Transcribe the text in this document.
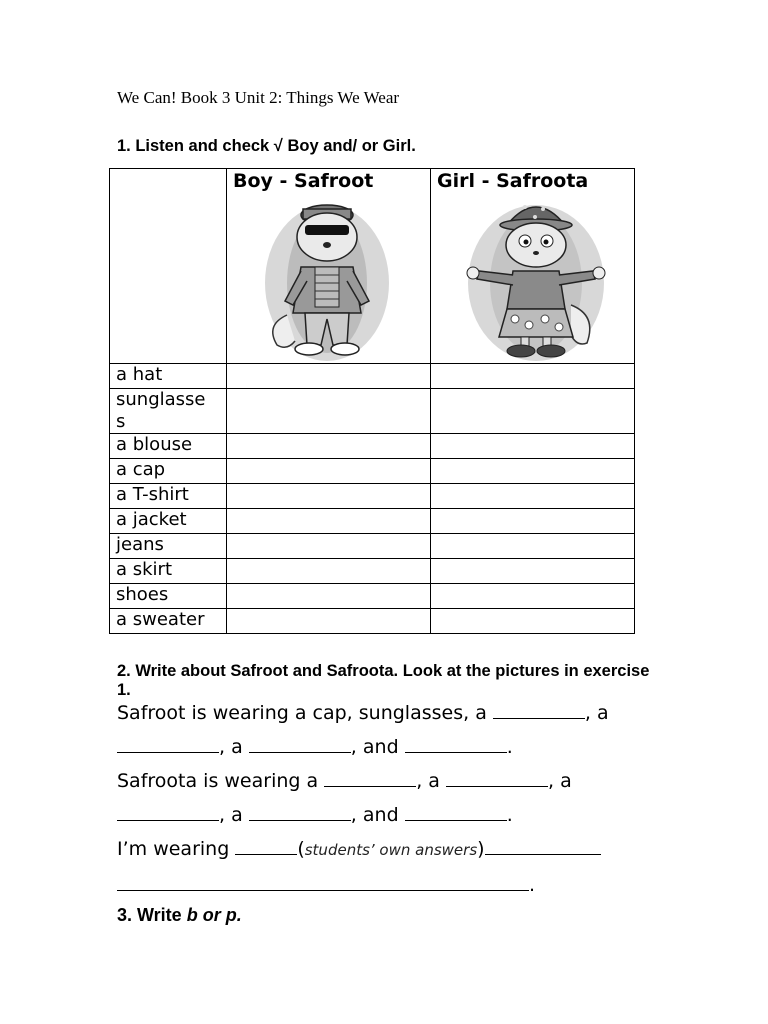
We Can! Book 3 Unit 2: Things We Wear
1. Listen and check √ Boy and/ or Girl.

	Boy - Safroot	Girl - Safroota

a hat		
sunglasse s		
a blouse		
a cap		
a T-shirt		
a jacket		
jeans		
a skirt		
shoes		
a sweater		
2. Write about Safroot and Safroota. Look at the pictures in exercise 1.
Safroot is wearing a cap, sunglasses, a	, a
, a	, and	.
Safroota is wearing a	, a	, a
, a	, and	.
I’m wearing	(students’ own answers)
.
3. Write b or p.
